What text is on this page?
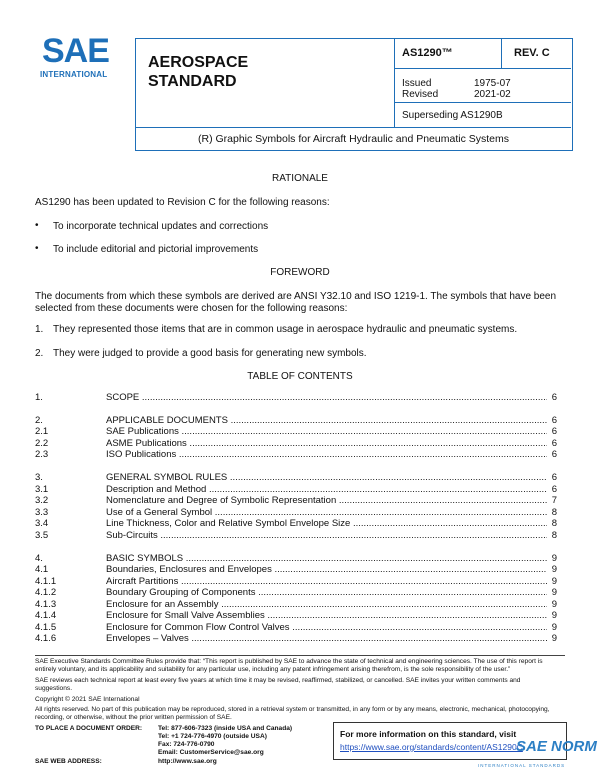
SAE
INTERNATIONAL
AEROSPACE
STANDARD
AS1290™	REV. C
Issued	1975-07
Revised	2021-02
Superseding AS1290B
(R) Graphic Symbols for Aircraft Hydraulic and Pneumatic Systems
RATIONALE
AS1290 has been updated to Revision C for the following reasons:
• To incorporate technical updates and corrections
• To include editorial and pictorial improvements
FOREWORD
The documents from which these symbols are derived are ANSI Y32.10 and ISO 1219-1. The symbols that have been
selected from these documents were chosen for the following reasons:
1. They represented those items that are in common usage in aerospace hydraulic and pneumatic systems.
2. They were judged to provide a good basis for generating new symbols.
TABLE OF CONTENTS
1.	SCOPE .....	6
2.	APPLICABLE DOCUMENTS .....	6
2.1	SAE Publications .....	6
2.2	ASME Publications .....	6
2.3	ISO Publications .....	6
3.	GENERAL SYMBOL RULES .....	6
3.1	Description and Method .....	6
3.2	Nomenclature and Degree of Symbolic Representation .....	7
3.3	Use of a General Symbol .....	8
3.4	Line Thickness, Color and Relative Symbol Envelope Size .....	8
3.5	Sub-Circuits .....	8
4.	BASIC SYMBOLS .....	9
4.1	Boundaries, Enclosures and Envelopes .....	9
4.1.1	Aircraft Partitions .....	9
4.1.2	Boundary Grouping of Components .....	9
4.1.3	Enclosure for an Assembly .....	9
4.1.4	Enclosure for Small Valve Assemblies .....	9
4.1.5	Enclosure for Common Flow Control Valves .....	9
4.1.6	Envelopes – Valves .....	9
SAE Executive Standards Committee Rules provide that: “This report is published by SAE to advance the state of technical and engineering sciences. The use of this report is
entirely voluntary, and its applicability and suitability for any particular use, including any patent infringement arising therefrom, is the sole responsibility of the user.”
SAE reviews each technical report at least every five years at which time it may be revised, reaffirmed, stabilized, or cancelled. SAE invites your written comments and
suggestions.
Copyright © 2021 SAE International
All rights reserved. No part of this publication may be reproduced, stored in a retrieval system or transmitted, in any form or by any means, electronic, mechanical, photocopying,
recording, or otherwise, without the prior written permission of SAE.
TO PLACE A DOCUMENT ORDER: Tel: 877-606-7323 (inside USA and Canada)
Tel: +1 724-776-4970 (outside USA)
Fax: 724-776-0790
Email: CustomerService@sae.org
SAE WEB ADDRESS:	http://www.sae.org
For more information on this standard, visit
https://www.sae.org/standards/content/AS1290C
SAE NORM
INTERNATIONAL STANDARDS
